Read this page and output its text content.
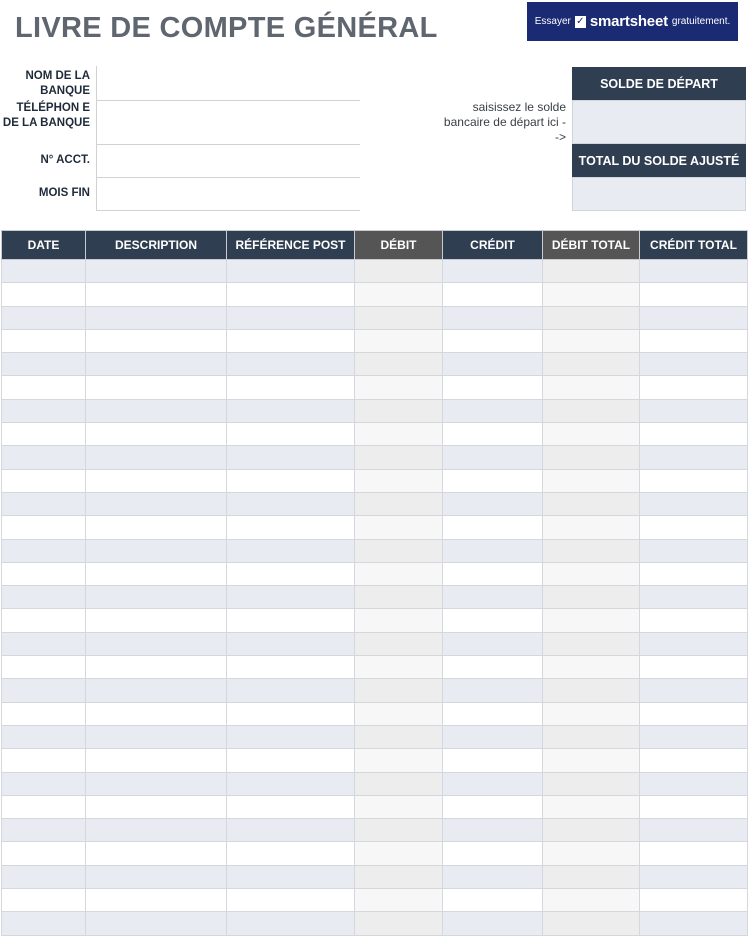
LIVRE DE COMPTE GÉNÉRAL	Essayer ✓ smartsheet gratuitement.
NOM DE LA BANQUE
TÉLÉPHON E DE LA BANQUE
N° ACCT.
MOIS FIN
saisissez le solde bancaire de départ ici -->
SOLDE DE DÉPART
TOTAL DU SOLDE AJUSTÉ
DATE	DESCRIPTION	RÉFÉRENCE POST	DÉBIT	CRÉDIT	DÉBIT TOTAL	CRÉDIT TOTAL
